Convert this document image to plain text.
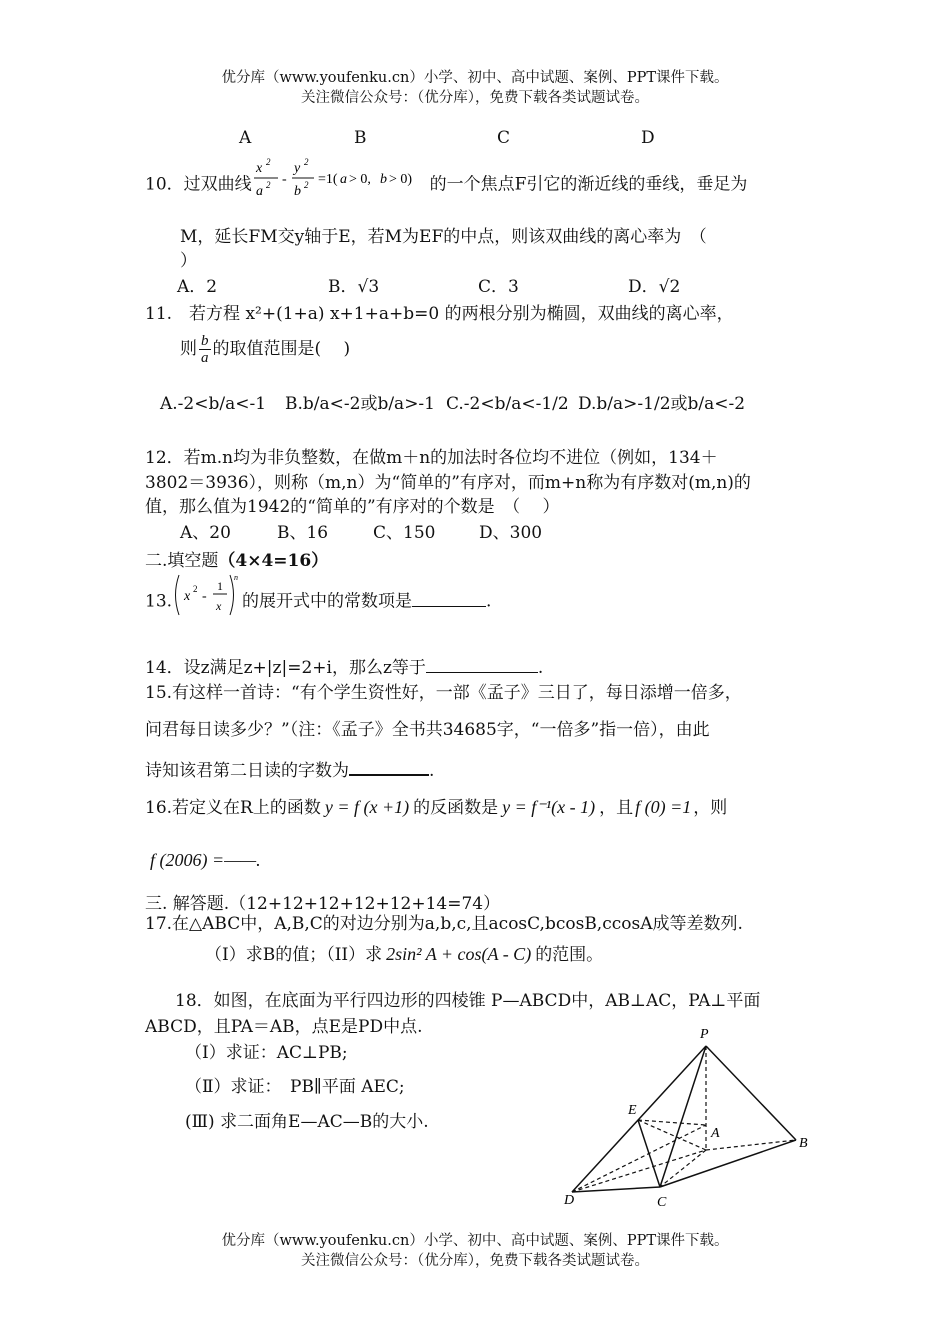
优分库（www.youfenku.cn）小学、初中、高中试题、案例、PPT课件下载。
关注微信公众号：（优分库），免费下载各类试题试卷。
A	B	C	D
10．过双曲线
x 2
a 2 -
y 2
b 2 =1( a > 0, b > 0) 的一个焦点F引它的渐近线的垂线，垂足为
M，延长FM交y轴于E，若M为EF的中点，则该双曲线的离心率为　（
）
A．2	B．√3	C．3	D．√2
11.　若方程 x²+(1+a) x+1+a+b=0 的两根分别为椭圆，双曲线的离心率，
则 $\frac{b}{a}$ 的取值范围是(　 )
A.-2<b/a<-1 B.b/a<-2或b/a>-1 C.-2<b/a<-1/2 D.b/a>-1/2或b/a<-2
12．若m.n均为非负整数，在做m＋n的加法时各位均不进位（例如，134＋
3802＝3936），则称（m,n）为“简单的”有序对，而m+n称为有序数对(m,n)的
值，那么值为1942的“简单的”有序对的个数是　（　 ）
A、20	B、16	C、150	D、300
二.填空题（4×4=16）
13. x 2 -
1
x
n
的展开式中的常数项是	.
14．设z满足z+|z|=2+i，那么z等于	.
15.有这样一首诗：“有个学生资性好，一部《孟子》三日了，每日添增一倍多，
问君每日读多少？”（注：《孟子》全书共34685字，“一倍多”指一倍），由此
诗知该君第二日读的字数为	.
16.若定义在R上的函数 y = f (x +1) 的反函数是 y = f⁻¹(x - 1) ，且 f (0) =1 ，则
f (2006) =——.
三. 解答题.（12+12+12+12+12+14=74）
17.在△ABC中，A,B,C的对边分别为a,b,c,且acosC,bcosB,ccosA成等差数列.
（I）求B的值；（II）求 2sin² A + cos(A - C) 的范围。
18．如图，在底面为平行四边形的四棱锥 P—ABCD中，AB⊥AC，PA⊥平面
ABCD，且PA＝AB，点E是PD中点.
（Ⅰ）求证：AC⊥PB;
（Ⅱ）求证：　PB∥平面 AEC;
(Ⅲ) 求二面角E—AC—B的大小.
P
E
A
B
D	C
优分库（www.youfenku.cn）小学、初中、高中试题、案例、PPT课件下载。
关注微信公众号：（优分库），免费下载各类试题试卷。
